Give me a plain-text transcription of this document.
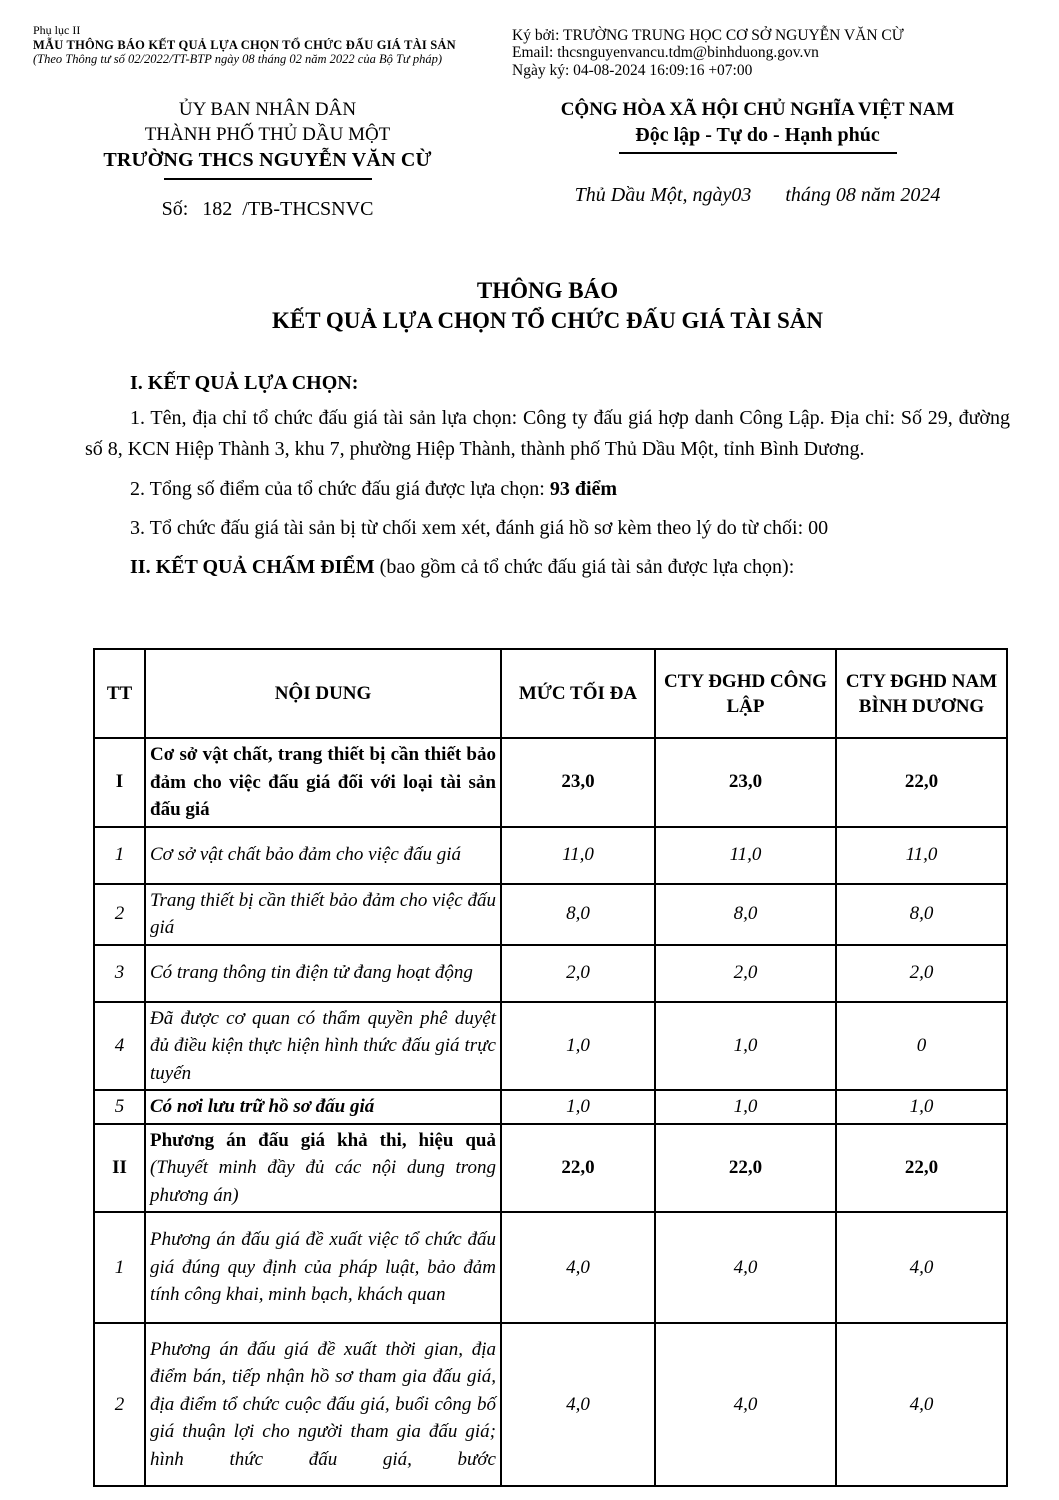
Phụ lục II
MẪU THÔNG BÁO KẾT QUẢ LỰA CHỌN TỔ CHỨC ĐẤU GIÁ TÀI SẢN
(Theo Thông tư số 02/2022/TT-BTP ngày 08 tháng 02 năm 2022 của Bộ Tư pháp)
Ký bởi: TRƯỜNG TRUNG HỌC CƠ SỞ NGUYỄN VĂN CỪ
Email: thcsnguyenvancu.tdm@binhduong.gov.vn
Ngày ký: 04-08-2024 16:09:16 +07:00
ỦY BAN NHÂN DÂN
THÀNH PHỐ THỦ DẦU MỘT
TRƯỜNG THCS NGUYỄN VĂN CỪ
Số: 182 /TB-THCSNVC
CỘNG HÒA XÃ HỘI CHỦ NGHĨA VIỆT NAM
Độc lập - Tự do - Hạnh phúc
Thủ Dầu Một, ngày03 tháng 08 năm 2024
THÔNG BÁO
KẾT QUẢ LỰA CHỌN TỔ CHỨC ĐẤU GIÁ TÀI SẢN
I. KẾT QUẢ LỰA CHỌN:
1. Tên, địa chỉ tổ chức đấu giá tài sản lựa chọn: Công ty đấu giá hợp danh Công Lập. Địa chỉ: Số 29, đường số 8, KCN Hiệp Thành 3, khu 7, phường Hiệp Thành, thành phố Thủ Dầu Một, tỉnh Bình Dương.
2. Tổng số điểm của tổ chức đấu giá được lựa chọn: 93 điểm
3. Tổ chức đấu giá tài sản bị từ chối xem xét, đánh giá hồ sơ kèm theo lý do từ chối: 00
II. KẾT QUẢ CHẤM ĐIỂM (bao gồm cả tổ chức đấu giá tài sản được lựa chọn):
TT	NỘI DUNG	MỨC TỐI ĐA	CTY ĐGHD CÔNG LẬP	CTY ĐGHD NAM BÌNH DƯƠNG
I	Cơ sở vật chất, trang thiết bị cần thiết bảo đảm cho việc đấu giá đối với loại tài sản đấu giá	23,0	23,0	22,0
1	Cơ sở vật chất bảo đảm cho việc đấu giá	11,0	11,0	11,0
2	Trang thiết bị cần thiết bảo đảm cho việc đấu giá	8,0	8,0	8,0
3	Có trang thông tin điện tử đang hoạt động	2,0	2,0	2,0
4	Đã được cơ quan có thẩm quyền phê duyệt đủ điều kiện thực hiện hình thức đấu giá trực tuyến	1,0	1,0	0
5	Có nơi lưu trữ hồ sơ đấu giá	1,0	1,0	1,0
II	Phương án đấu giá khả thi, hiệu quả (Thuyết minh đầy đủ các nội dung trong phương án)	22,0	22,0	22,0
1	Phương án đấu giá đề xuất việc tổ chức đấu giá đúng quy định của pháp luật, bảo đảm tính công khai, minh bạch, khách quan	4,0	4,0	4,0
2	Phương án đấu giá đề xuất thời gian, địa điểm bán, tiếp nhận hồ sơ tham gia đấu giá, địa điểm tổ chức cuộc đấu giá, buổi công bố giá thuận lợi cho người tham gia đấu giá; hình thức đấu giá, bước	4,0	4,0	4,0
